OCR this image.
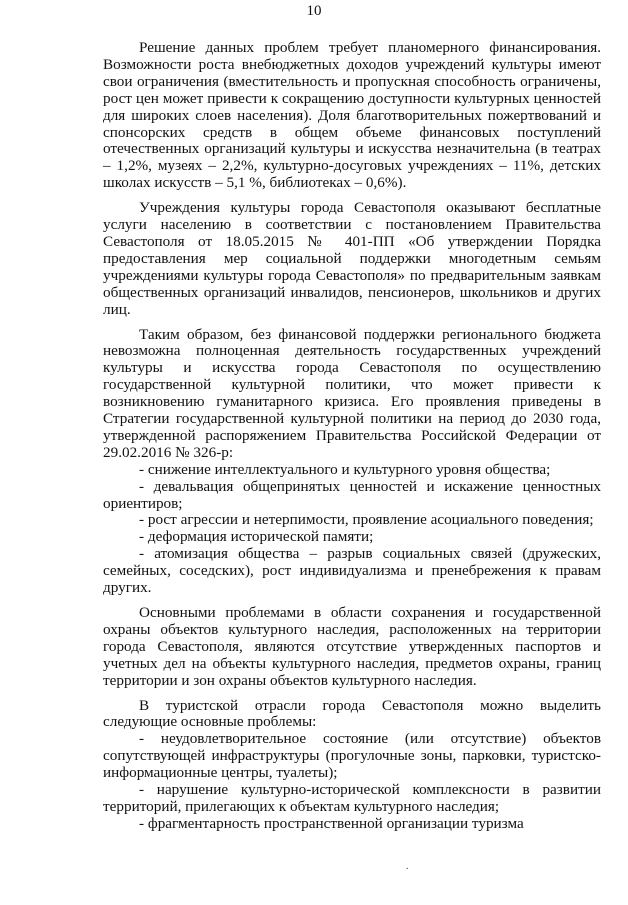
10

Решение данных проблем требует планомерного финансирования. Возможности роста внебюджетных доходов учреждений культуры имеют свои ограничения (вместительность и пропускная способность ограничены, рост цен может привести к сокращению доступности культурных ценностей для широких слоев населения). Доля благотворительных пожертвований и спонсорских средств в общем объеме финансовых поступлений отечественных организаций культуры и искусства незначительна (в театрах – 1,2%, музеях – 2,2%, культурно-досуговых учреждениях – 11%, детских школах искусств – 5,1 %, библиотеках – 0,6%).

Учреждения культуры города Севастополя оказывают бесплатные услуги населению в соответствии с постановлением Правительства Севастополя от 18.05.2015 № 401-ПП «Об утверждении Порядка предоставления мер социальной поддержки многодетным семьям учреждениями культуры города Севастополя» по предварительным заявкам общественных организаций инвалидов, пенсионеров, школьников и других лиц.

Таким образом, без финансовой поддержки регионального бюджета невозможна полноценная деятельность государственных учреждений культуры и искусства города Севастополя по осуществлению государственной культурной политики, что может привести к возникновению гуманитарного кризиса. Его проявления приведены в Стратегии государственной культурной политики на период до 2030 года, утвержденной распоряжением Правительства Российской Федерации от 29.02.2016 № 326-р:

- снижение интеллектуального и культурного уровня общества;

- девальвация общепринятых ценностей и искажение ценностных ориентиров;

- рост агрессии и нетерпимости, проявление асоциального поведения;

- деформация исторической памяти;

- атомизация общества – разрыв социальных связей (дружеских, семейных, соседских), рост индивидуализма и пренебрежения к правам других.

Основными проблемами в области сохранения и государственной охраны объектов культурного наследия, расположенных на территории города Севастополя, являются отсутствие утвержденных паспортов и учетных дел на объекты культурного наследия, предметов охраны, границ территории и зон охраны объектов культурного наследия.

В туристской отрасли города Севастополя можно выделить следующие основные проблемы:

- неудовлетворительное состояние (или отсутствие) объектов сопутствующей инфраструктуры (прогулочные зоны, парковки, туристско-информационные центры, туалеты);

- нарушение культурно-исторической комплексности в развитии территорий, прилегающих к объектам культурного наследия;

- фрагментарность пространственной организации туризма

.
